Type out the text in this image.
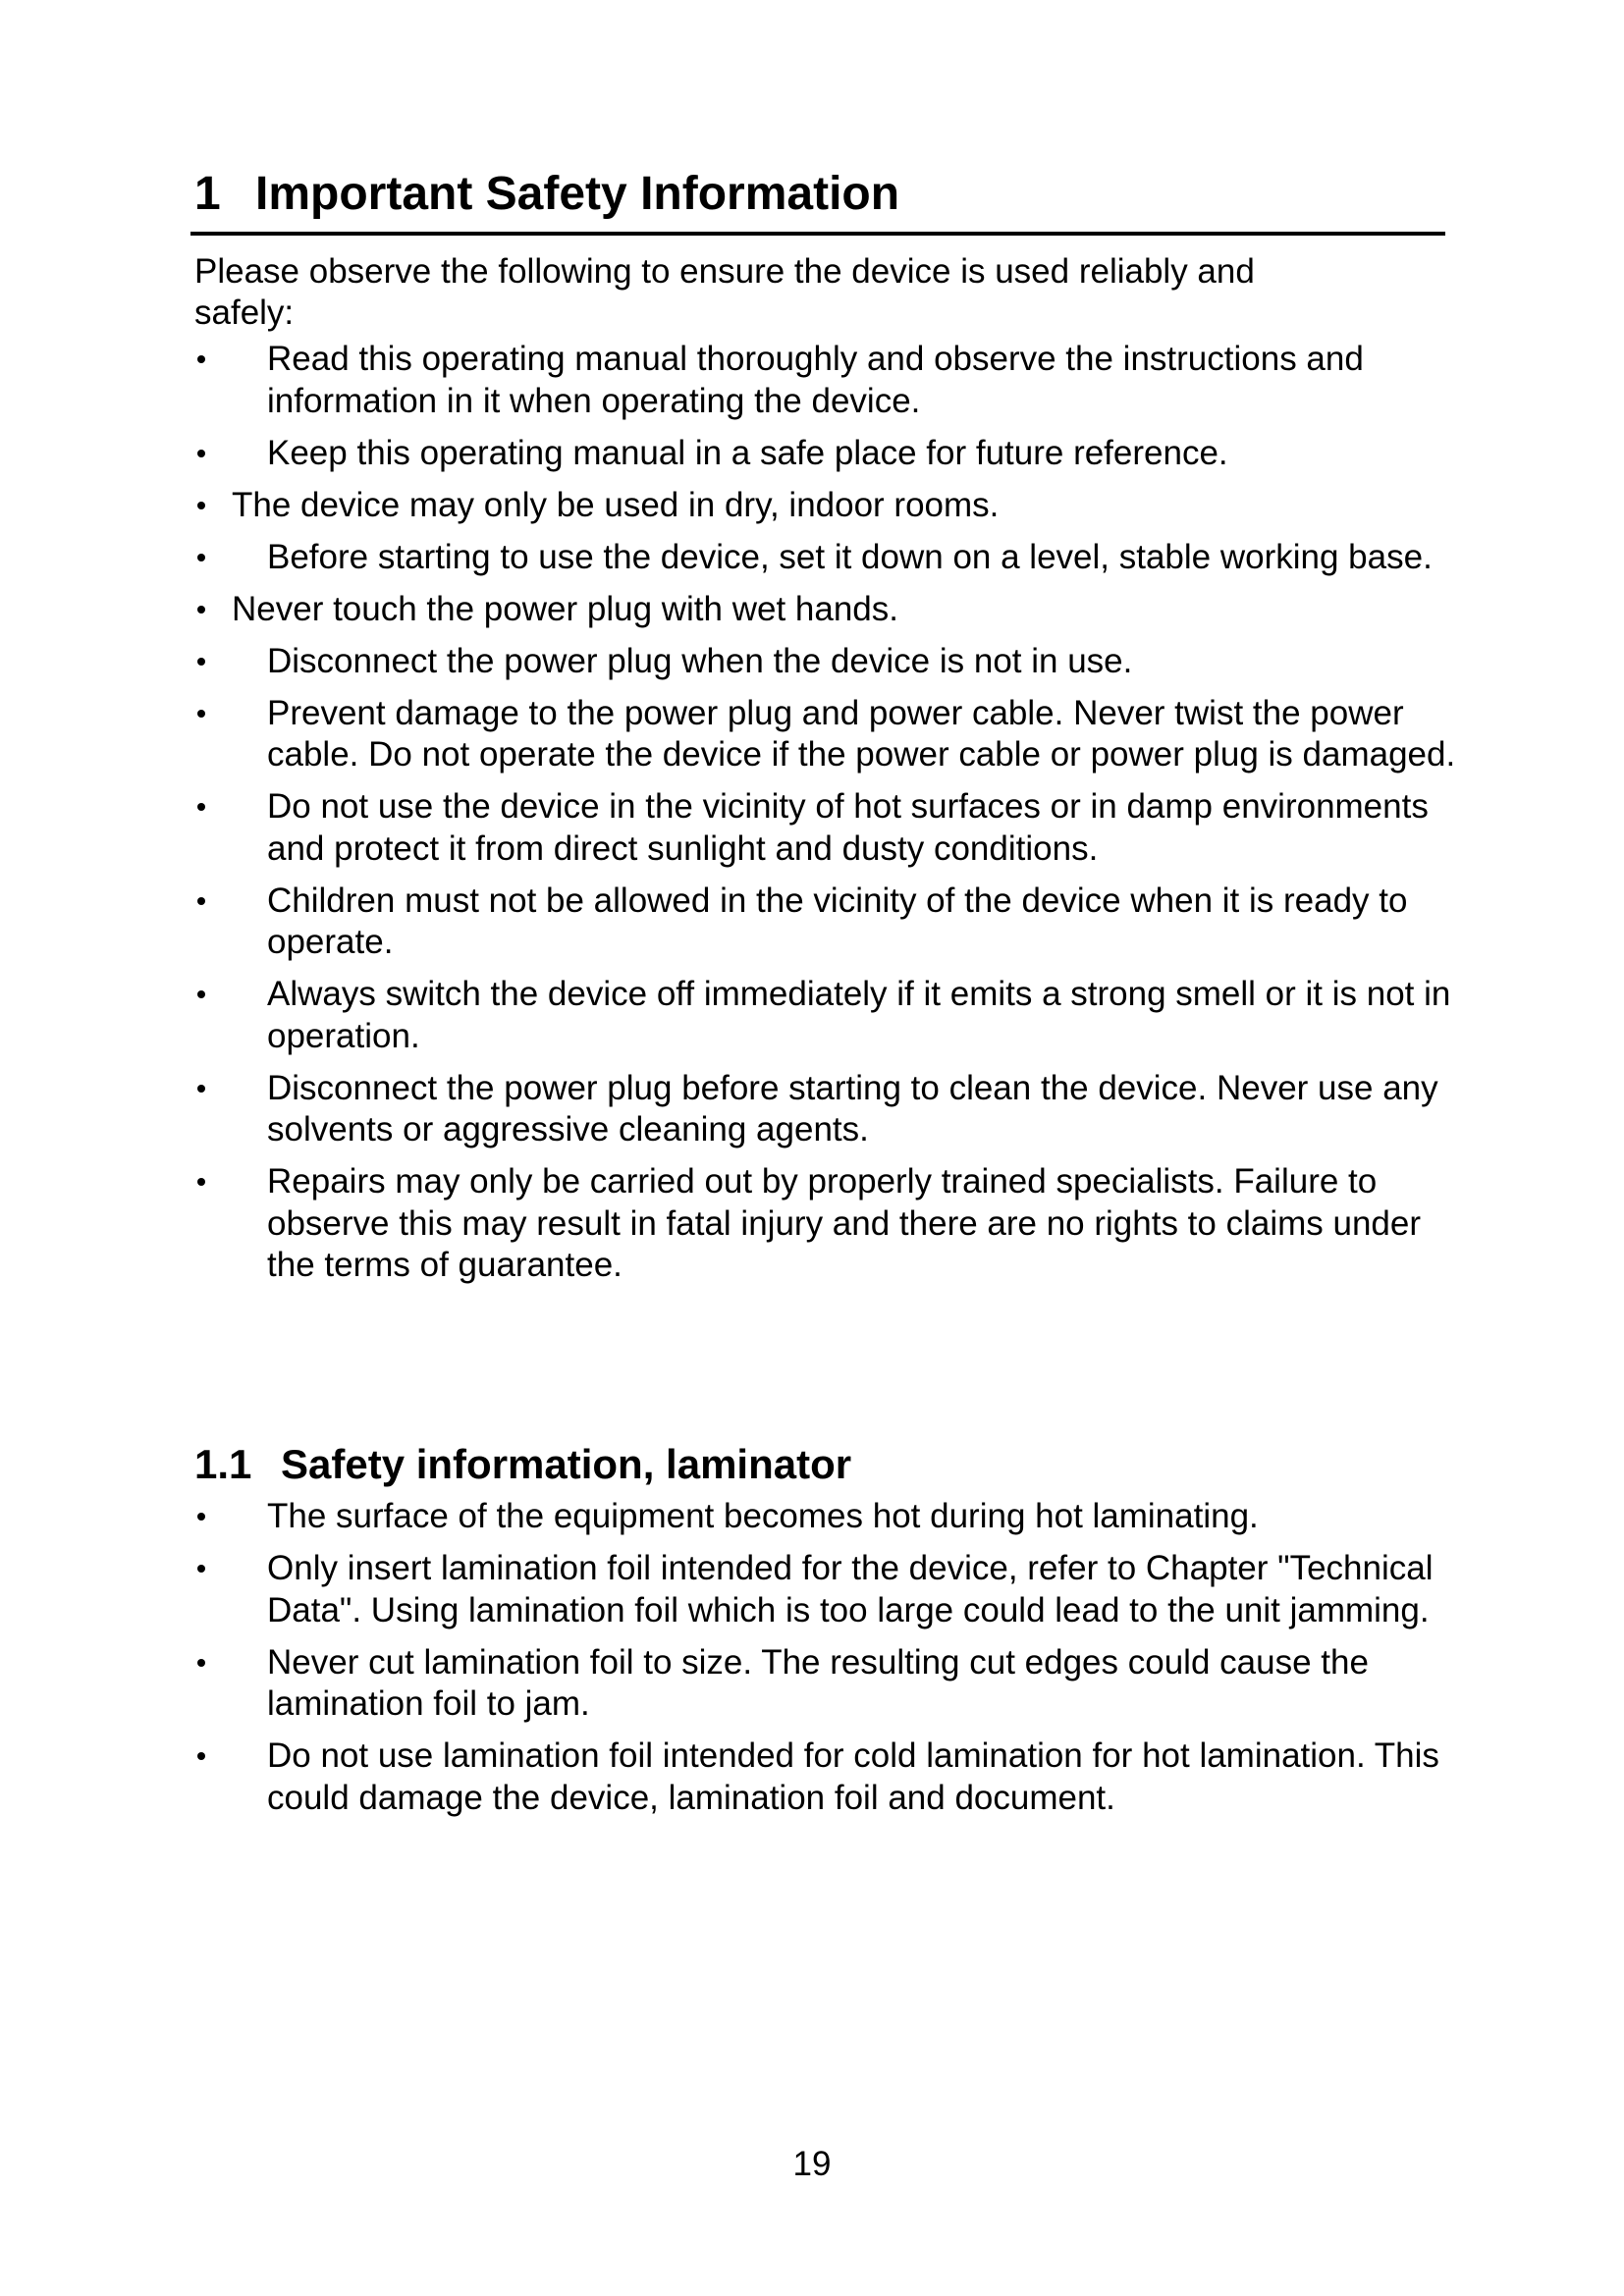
1 Important Safety Information
Please observe the following to ensure the device is used reliably and safely:
Read this operating manual thoroughly and observe the instructions and information in it when operating the device.
Keep this operating manual in a safe place for future reference.
The device may only be used in dry, indoor rooms.
Before starting to use the device, set it down on a level, stable working base.
Never touch the power plug with wet hands.
Disconnect the power plug when the device is not in use.
Prevent damage to the power plug and power cable. Never twist the power cable. Do not operate the device if the power cable or power plug is damaged.
Do not use the device in the vicinity of hot surfaces or in damp environments and protect it from direct sunlight and dusty conditions.
Children must not be allowed in the vicinity of the device when it is ready to operate.
Always switch the device off immediately if it emits a strong smell or it is not in operation.
Disconnect the power plug before starting to clean the device. Never use any solvents or aggressive cleaning agents.
Repairs may only be carried out by properly trained specialists. Failure to observe this may result in fatal injury and there are no rights to claims under the terms of guarantee.
1.1 Safety information, laminator
The surface of the equipment becomes hot during hot laminating.
Only insert lamination foil intended for the device, refer to Chapter "Technical Data". Using lamination foil which is too large could lead to the unit jamming.
Never cut lamination foil to size. The resulting cut edges could cause the lamination foil to jam.
Do not use lamination foil intended for cold lamination for hot lamination. This could damage the device, lamination foil and document.
19
